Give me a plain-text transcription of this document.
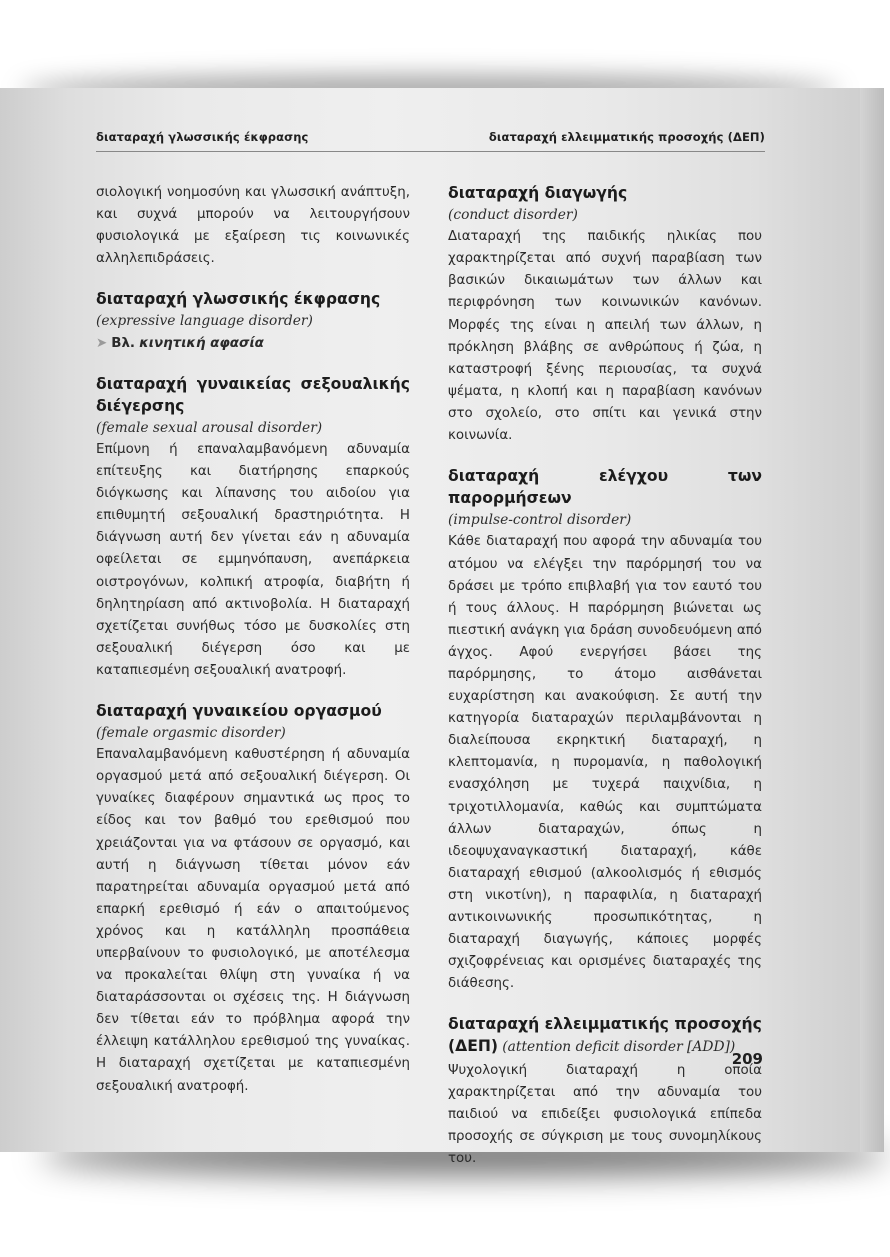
διαταραχή γλωσσικής έκφρασης	διαταραχή ελλειμματικής προσοχής (ΔΕΠ)

σιολογική νοημοσύνη και γλωσσική ανάπτυξη, και συχνά μπορούν να λειτουργήσουν φυσιολογικά με εξαίρεση τις κοινωνικές αλληλεπιδράσεις.

διαταραχή γλωσσικής έκφρασης

(expressive language disorder)

➤ Βλ. κινητική αφασία

διαταραχή γυναικείας σεξουαλικής διέγερσης

(female sexual arousal disorder)

Επίμονη ή επαναλαμβανόμενη αδυναμία επίτευξης και διατήρησης επαρκούς διόγκωσης και λίπανσης του αιδοίου για επιθυμητή σεξουαλική δραστηριότητα. Η διάγνωση αυτή δεν γίνεται εάν η αδυναμία οφείλεται σε εμμηνόπαυση, ανεπάρκεια οιστρογόνων, κολπική ατροφία, διαβήτη ή δηλητηρίαση από ακτινοβολία. Η διαταραχή σχετίζεται συνήθως τόσο με δυσκολίες στη σεξουαλική διέγερση όσο και με καταπιεσμένη σεξουαλική ανατροφή.

διαταραχή γυναικείου οργασμού

(female orgasmic disorder)

Επαναλαμβανόμενη καθυστέρηση ή αδυναμία οργασμού μετά από σεξουαλική διέγερση. Οι γυναίκες διαφέρουν σημαντικά ως προς το είδος και τον βαθμό του ερεθισμού που χρειάζονται για να φτάσουν σε οργασμό, και αυτή η διάγνωση τίθεται μόνον εάν παρατηρείται αδυναμία οργασμού μετά από επαρκή ερεθισμό ή εάν ο απαιτούμενος χρόνος και η κατάλληλη προσπάθεια υπερβαίνουν το φυσιολογικό, με αποτέλεσμα να προκαλείται θλίψη στη γυναίκα ή να διαταράσσονται οι σχέσεις της. Η διάγνωση δεν τίθεται εάν το πρόβλημα αφορά την έλλειψη κατάλληλου ερεθισμού της γυναίκας. Η διαταραχή σχετίζεται με καταπιεσμένη σεξουαλική ανατροφή.

διαταραχή διαγωγής

(conduct disorder)

Διαταραχή της παιδικής ηλικίας που χαρακτηρίζεται από συχνή παραβίαση των βασικών δικαιωμάτων των άλλων και περιφρόνηση των κοινωνικών κανόνων. Μορφές της είναι η απειλή των άλλων, η πρόκληση βλάβης σε ανθρώπους ή ζώα, η καταστροφή ξένης περιουσίας, τα συχνά ψέματα, η κλοπή και η παραβίαση κανόνων στο σχολείο, στο σπίτι και γενικά στην κοινωνία.

διαταραχή ελέγχου των παρορμήσεων

(impulse-control disorder)

Κάθε διαταραχή που αφορά την αδυναμία του ατόμου να ελέγξει την παρόρμησή του να δράσει με τρόπο επιβλαβή για τον εαυτό του ή τους άλλους. Η παρόρμηση βιώνεται ως πιεστική ανάγκη για δράση συνοδευόμενη από άγχος. Αφού ενεργήσει βάσει της παρόρμησης, το άτομο αισθάνεται ευχαρίστηση και ανακούφιση. Σε αυτή την κατηγορία διαταραχών περιλαμβάνονται η διαλείπουσα εκρηκτική διαταραχή, η κλεπτομανία, η πυρομανία, η παθολογική ενασχόληση με τυχερά παιχνίδια, η τριχοτιλλομανία, καθώς και συμπτώματα άλλων διαταραχών, όπως η ιδεοψυχαναγκαστική διαταραχή, κάθε διαταραχή εθισμού (αλκοολισμός ή εθισμός στη νικοτίνη), η παραφιλία, η διαταραχή αντικοινωνικής προσωπικότητας, η διαταραχή διαγωγής, κάποιες μορφές σχιζοφρένειας και ορισμένες διαταραχές της διάθεσης.

διαταραχή ελλειμματικής προσοχής

(ΔΕΠ) (attention deficit disorder [ADD])

Ψυχολογική διαταραχή η οποία χαρακτηρίζεται από την αδυναμία του παιδιού να επιδείξει φυσιολογικά επίπεδα προσοχής σε σύγκριση με τους συνομηλίκους του.

209
